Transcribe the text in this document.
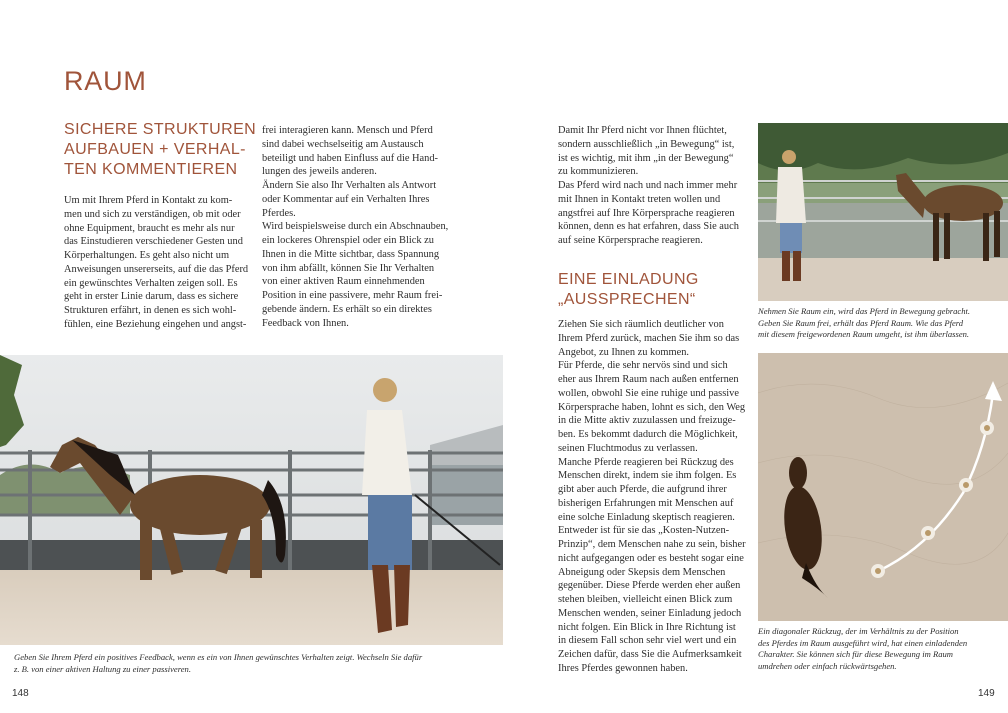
RAUM
SICHERE STRUKTUREN
AUFBAUEN + VERHAL-
TEN KOMMENTIEREN
Um mit Ihrem Pferd in Kontakt zu kom-
men und sich zu verständigen, ob mit oder
ohne Equipment, braucht es mehr als nur
das Einstudieren verschiedener Gesten und
Körperhaltungen. Es geht also nicht um
Anweisungen unsererseits, auf die das Pferd
ein gewünschtes Verhalten zeigen soll. Es
geht in erster Linie darum, dass es sichere
Strukturen erfährt, in denen es sich wohl-
fühlen, eine Beziehung eingehen und angst-
frei interagieren kann. Mensch und Pferd
sind dabei wechselseitig am Austausch
beteiligt und haben Einfluss auf die Hand-
lungen des jeweils anderen.
Ändern Sie also Ihr Verhalten als Antwort
oder Kommentar auf ein Verhalten Ihres
Pferdes.
Wird beispielsweise durch ein Abschnauben,
ein lockeres Ohrenspiel oder ein Blick zu
Ihnen in die Mitte sichtbar, dass Spannung
von ihm abfällt, können Sie Ihr Verhalten
von einer aktiven Raum einnehmenden
Position in eine passivere, mehr Raum frei-
gebende ändern. Es erhält so ein direktes
Feedback von Ihnen.
Geben Sie Ihrem Pferd ein positives Feedback, wenn es ein von Ihnen gewünschtes Verhalten zeigt. Wechseln Sie dafür
z. B. von einer aktiven Haltung zu einer passiveren.
148
Damit Ihr Pferd nicht vor Ihnen flüchtet,
sondern ausschließlich „in Bewegung“ ist,
ist es wichtig, mit ihm „in der Bewegung“
zu kommunizieren.
Das Pferd wird nach und nach immer mehr
mit Ihnen in Kontakt treten wollen und
angstfrei auf Ihre Körpersprache reagieren
können, denn es hat erfahren, dass Sie auch
auf seine Körpersprache reagieren.
EINE EINLADUNG
„AUSSPRECHEN“
Ziehen Sie sich räumlich deutlicher von
Ihrem Pferd zurück, machen Sie ihm so das
Angebot, zu Ihnen zu kommen.
Für Pferde, die sehr nervös sind und sich
eher aus Ihrem Raum nach außen entfernen
wollen, obwohl Sie eine ruhige und passive
Körpersprache haben, lohnt es sich, den Weg
in die Mitte aktiv zuzulassen und freizuge-
ben. Es bekommt dadurch die Möglichkeit,
seinen Fluchtmodus zu verlassen.
Manche Pferde reagieren bei Rückzug des
Menschen direkt, indem sie ihm folgen. Es
gibt aber auch Pferde, die aufgrund ihrer
bisherigen Erfahrungen mit Menschen auf
eine solche Einladung skeptisch reagieren.
Entweder ist für sie das „Kosten-Nutzen-
Prinzip“, dem Menschen nahe zu sein, bisher
nicht aufgegangen oder es besteht sogar eine
Abneigung oder Skepsis dem Menschen
gegenüber. Diese Pferde werden eher außen
stehen bleiben, vielleicht einen Blick zum
Menschen wenden, seiner Einladung jedoch
nicht folgen. Ein Blick in Ihre Richtung ist
in diesem Fall schon sehr viel wert und ein
Zeichen dafür, dass Sie die Aufmerksamkeit
Ihres Pferdes gewonnen haben.
Nehmen Sie Raum ein, wird das Pferd in Bewegung gebracht.
Geben Sie Raum frei, erhält das Pferd Raum. Wie das Pferd
mit diesem freigewordenen Raum umgeht, ist ihm überlassen.
Ein diagonaler Rückzug, der im Verhältnis zu der Position
des Pferdes im Raum ausgeführt wird, hat einen einladenden
Charakter. Sie können sich für diese Bewegung im Raum
umdrehen oder einfach rückwärtsgehen.
149
